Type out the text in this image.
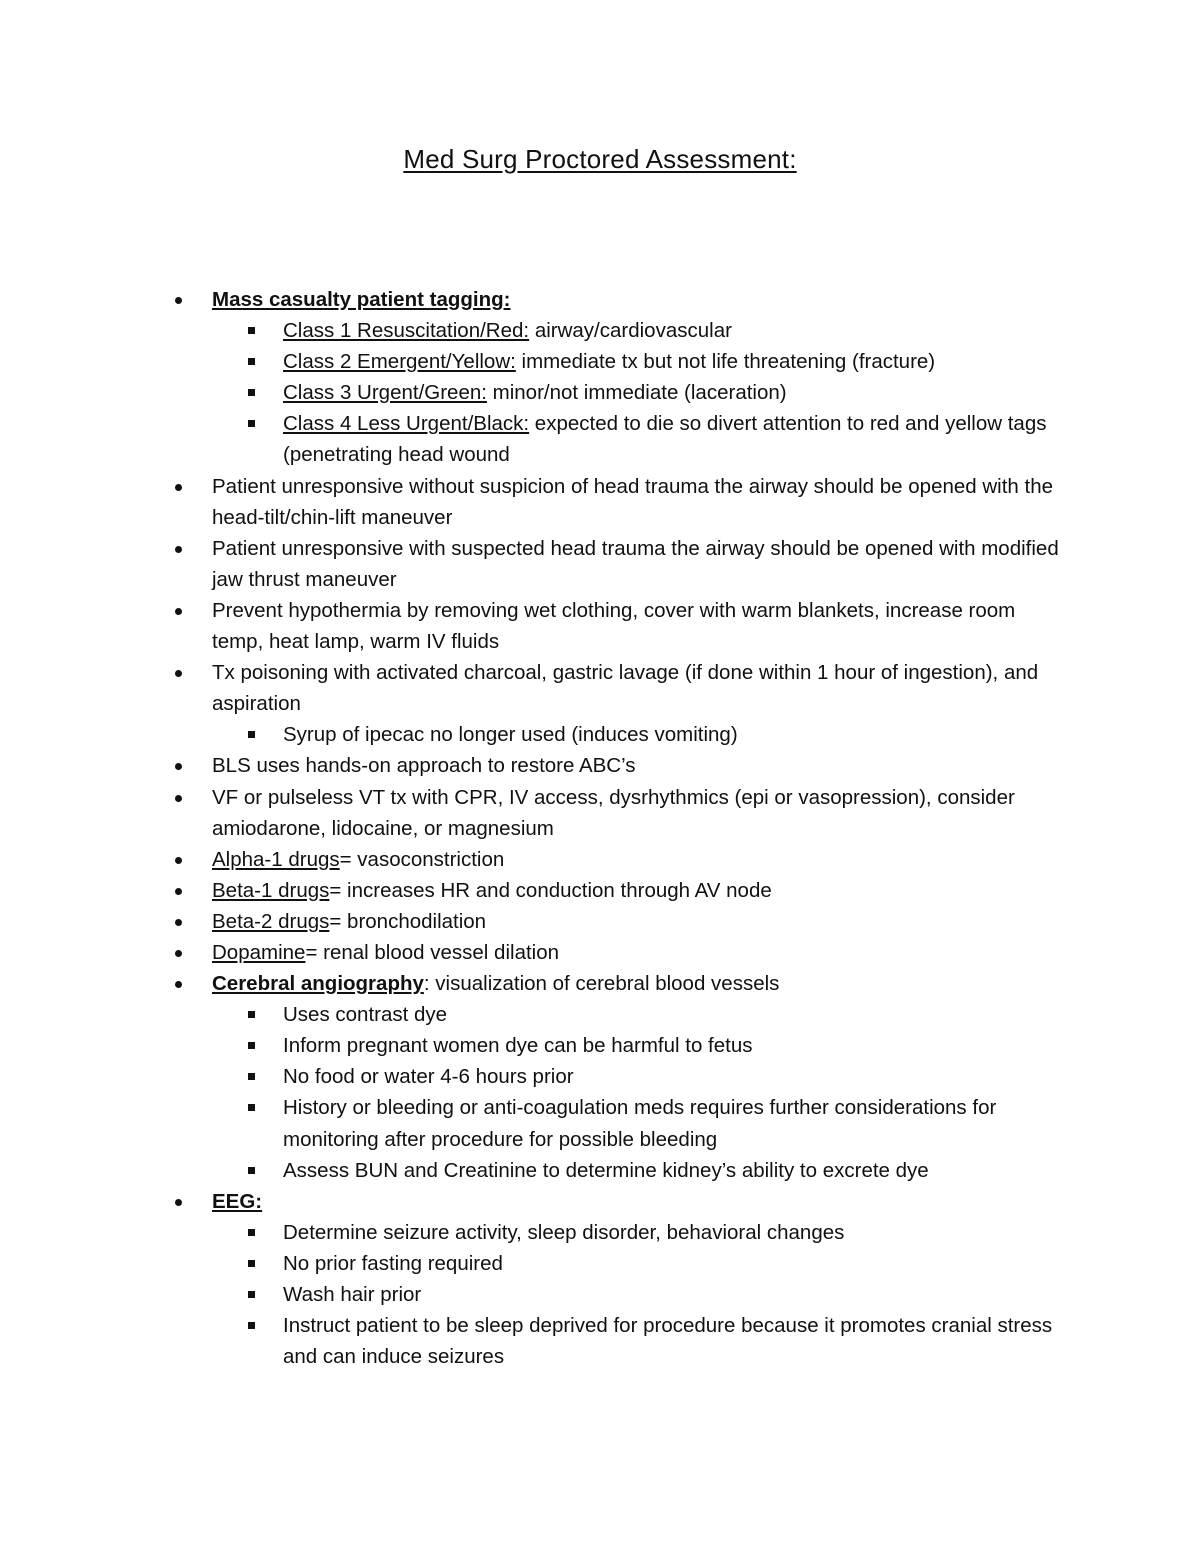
Med Surg Proctored Assessment:
Mass casualty patient tagging:
Class 1 Resuscitation/Red: airway/cardiovascular
Class 2 Emergent/Yellow: immediate tx but not life threatening (fracture)
Class 3 Urgent/Green: minor/not immediate (laceration)
Class 4 Less Urgent/Black: expected to die so divert attention to red and yellow tags (penetrating head wound
Patient unresponsive without suspicion of head trauma the airway should be opened with the head-tilt/chin-lift maneuver
Patient unresponsive with suspected head trauma the airway should be opened with modified jaw thrust maneuver
Prevent hypothermia by removing wet clothing, cover with warm blankets, increase room temp, heat lamp, warm IV fluids
Tx poisoning with activated charcoal, gastric lavage (if done within 1 hour of ingestion), and aspiration
Syrup of ipecac no longer used (induces vomiting)
BLS uses hands-on approach to restore ABC’s
VF or pulseless VT tx with CPR, IV access, dysrhythmics (epi or vasopression), consider amiodarone, lidocaine, or magnesium
Alpha-1 drugs= vasoconstriction
Beta-1 drugs= increases HR and conduction through AV node
Beta-2 drugs= bronchodilation
Dopamine= renal blood vessel dilation
Cerebral angiography: visualization of cerebral blood vessels
Uses contrast dye
Inform pregnant women dye can be harmful to fetus
No food or water 4-6 hours prior
History or bleeding or anti-coagulation meds requires further considerations for monitoring after procedure for possible bleeding
Assess BUN and Creatinine to determine kidney’s ability to excrete dye
EEG:
Determine seizure activity, sleep disorder, behavioral changes
No prior fasting required
Wash hair prior
Instruct patient to be sleep deprived for procedure because it promotes cranial stress and can induce seizures
